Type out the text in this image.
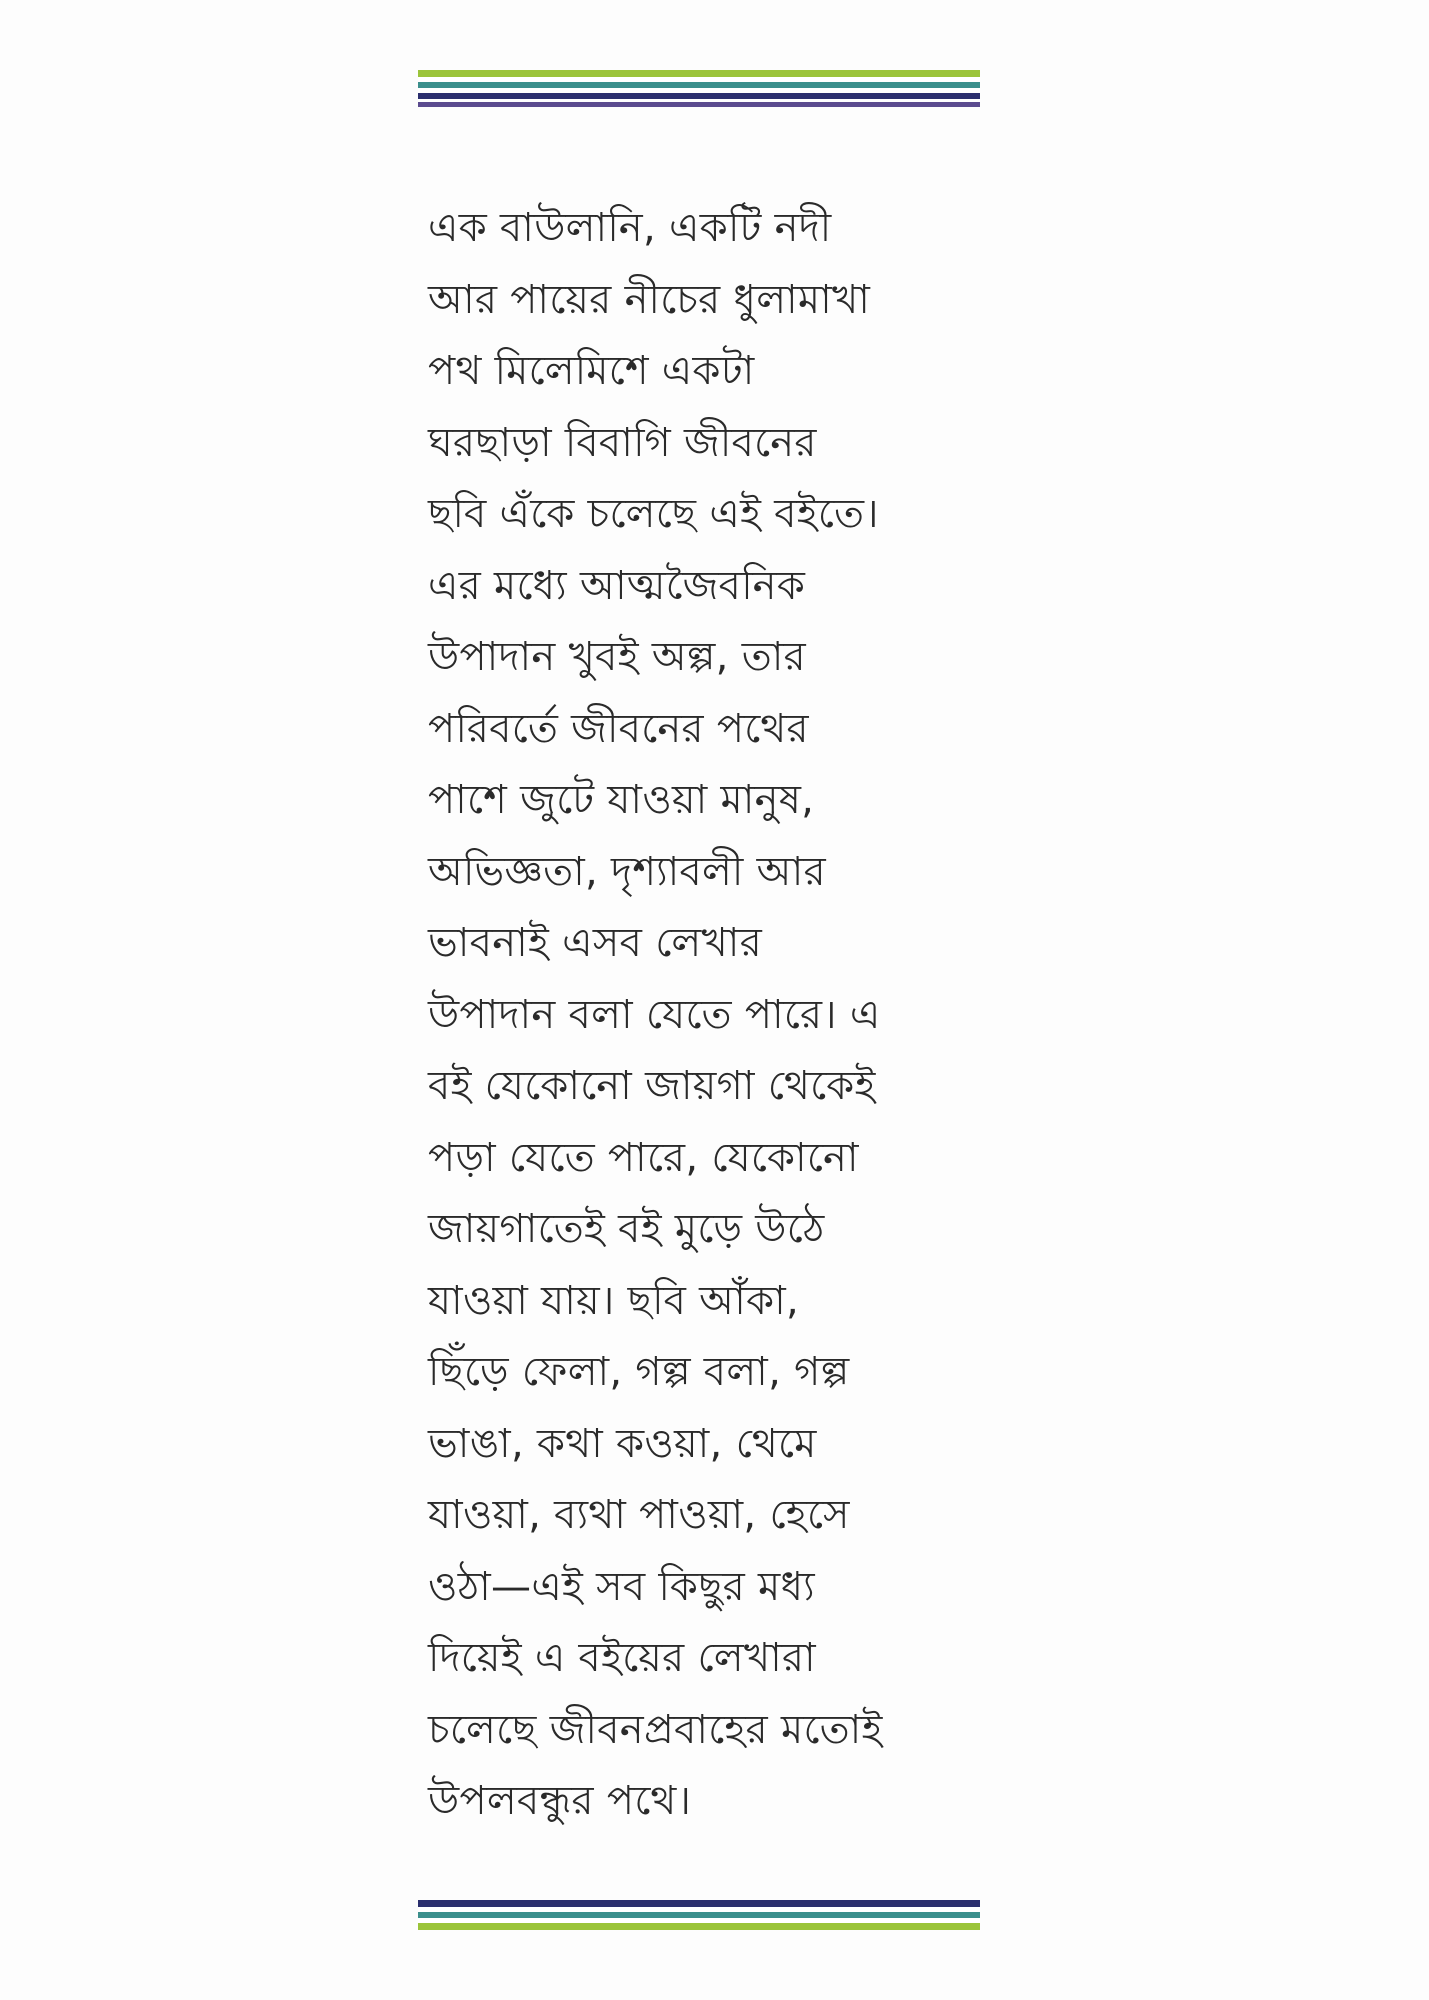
এক বাউলানি, একটি নদী
আর পায়ের নীচের ধুলামাখা
পথ মিলেমিশে একটা
ঘরছাড়া বিবাগি জীবনের
ছবি এঁকে চলেছে এই বইতে।
এর মধ্যে আত্মজৈবনিক
উপাদান খুবই অল্প, তার
পরিবর্তে জীবনের পথের
পাশে জুটে যাওয়া মানুষ,
অভিজ্ঞতা, দৃশ্যাবলী আর
ভাবনাই এসব লেখার
উপাদান বলা যেতে পারে। এ
বই যেকোনো জায়গা থেকেই
পড়া যেতে পারে, যেকোনো
জায়গাতেই বই মুড়ে উঠে
যাওয়া যায়। ছবি আঁকা,
ছিঁড়ে ফেলা, গল্প বলা, গল্প
ভাঙা, কথা কওয়া, থেমে
যাওয়া, ব্যথা পাওয়া, হেসে
ওঠা—এই সব কিছুর মধ্য
দিয়েই এ বইয়ের লেখারা
চলেছে জীবনপ্রবাহের মতোই
উপলবন্ধুর পথে।
